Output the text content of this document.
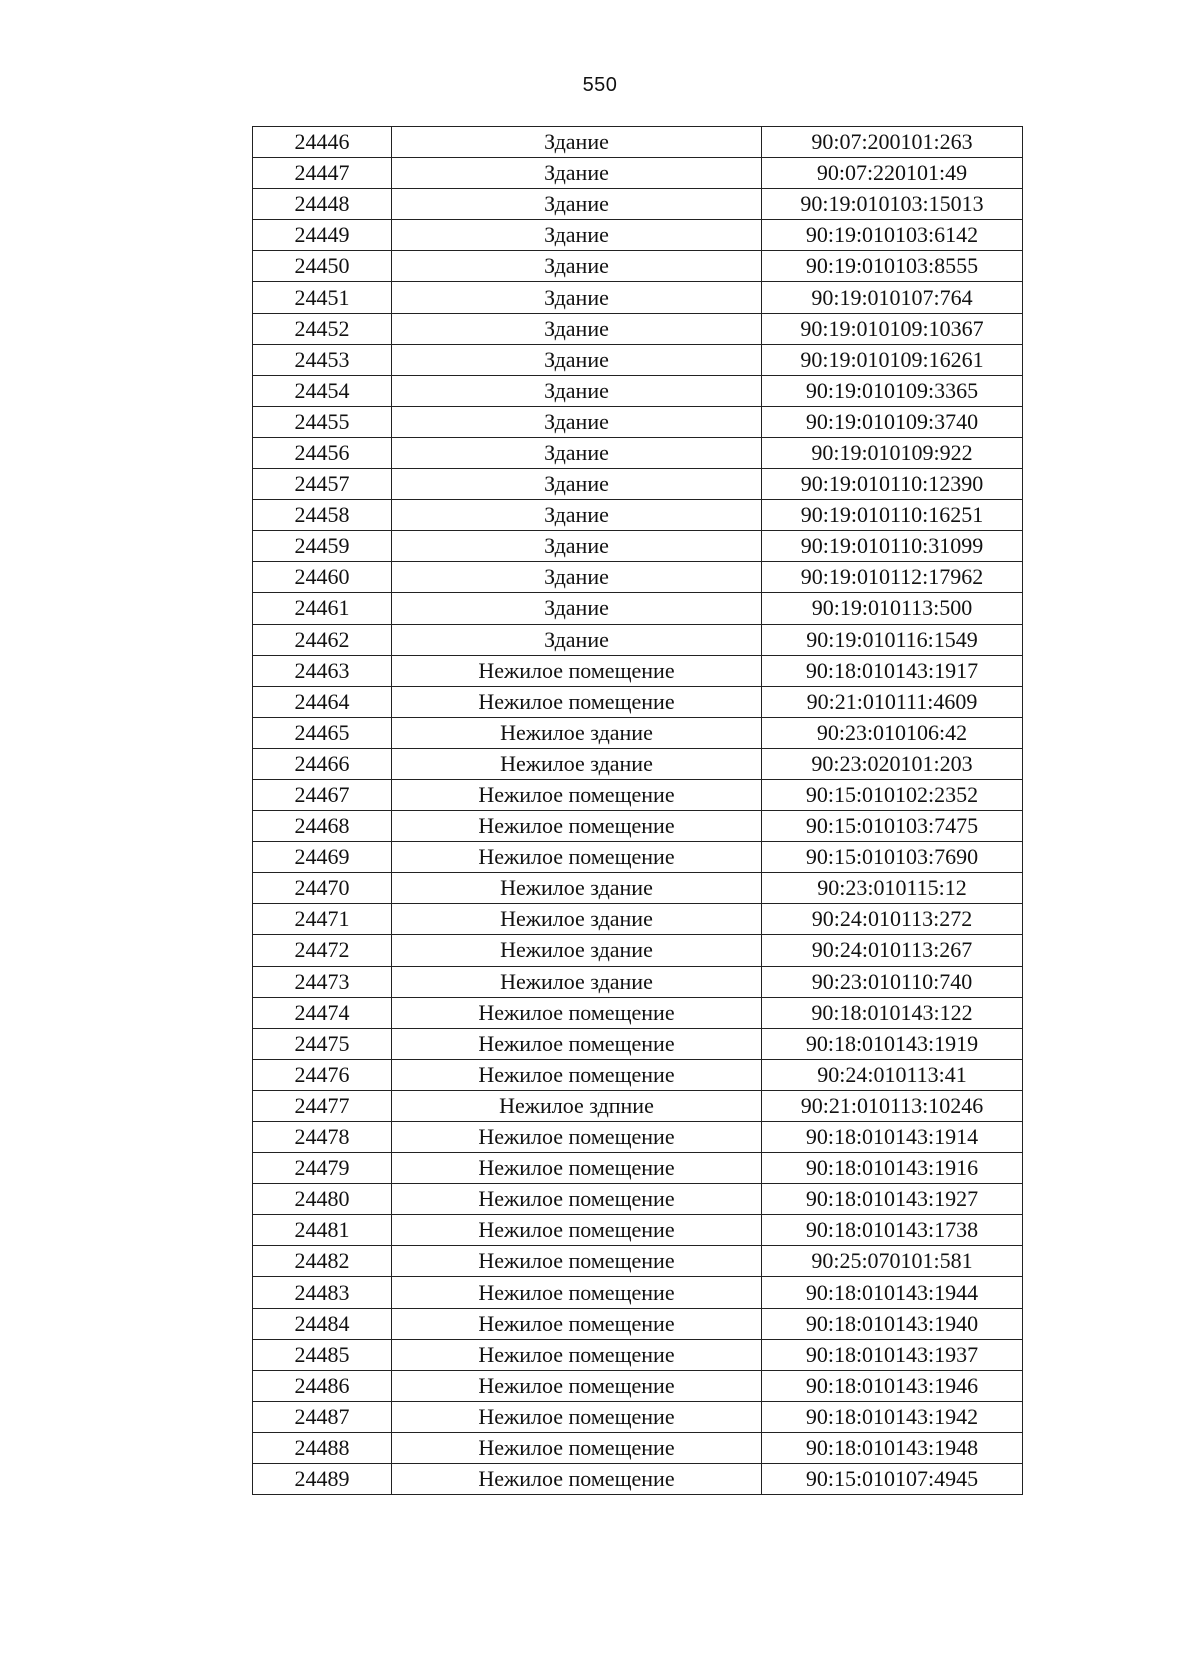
550
24446	Здание	90:07:200101:263
24447	Здание	90:07:220101:49
24448	Здание	90:19:010103:15013
24449	Здание	90:19:010103:6142
24450	Здание	90:19:010103:8555
24451	Здание	90:19:010107:764
24452	Здание	90:19:010109:10367
24453	Здание	90:19:010109:16261
24454	Здание	90:19:010109:3365
24455	Здание	90:19:010109:3740
24456	Здание	90:19:010109:922
24457	Здание	90:19:010110:12390
24458	Здание	90:19:010110:16251
24459	Здание	90:19:010110:31099
24460	Здание	90:19:010112:17962
24461	Здание	90:19:010113:500
24462	Здание	90:19:010116:1549
24463	Нежилое помещение	90:18:010143:1917
24464	Нежилое помещение	90:21:010111:4609
24465	Нежилое здание	90:23:010106:42
24466	Нежилое здание	90:23:020101:203
24467	Нежилое помещение	90:15:010102:2352
24468	Нежилое помещение	90:15:010103:7475
24469	Нежилое помещение	90:15:010103:7690
24470	Нежилое здание	90:23:010115:12
24471	Нежилое здание	90:24:010113:272
24472	Нежилое здание	90:24:010113:267
24473	Нежилое здание	90:23:010110:740
24474	Нежилое помещение	90:18:010143:122
24475	Нежилое помещение	90:18:010143:1919
24476	Нежилое помещение	90:24:010113:41
24477	Нежилое здпние	90:21:010113:10246
24478	Нежилое помещение	90:18:010143:1914
24479	Нежилое помещение	90:18:010143:1916
24480	Нежилое помещение	90:18:010143:1927
24481	Нежилое помещение	90:18:010143:1738
24482	Нежилое помещение	90:25:070101:581
24483	Нежилое помещение	90:18:010143:1944
24484	Нежилое помещение	90:18:010143:1940
24485	Нежилое помещение	90:18:010143:1937
24486	Нежилое помещение	90:18:010143:1946
24487	Нежилое помещение	90:18:010143:1942
24488	Нежилое помещение	90:18:010143:1948
24489	Нежилое помещение	90:15:010107:4945
